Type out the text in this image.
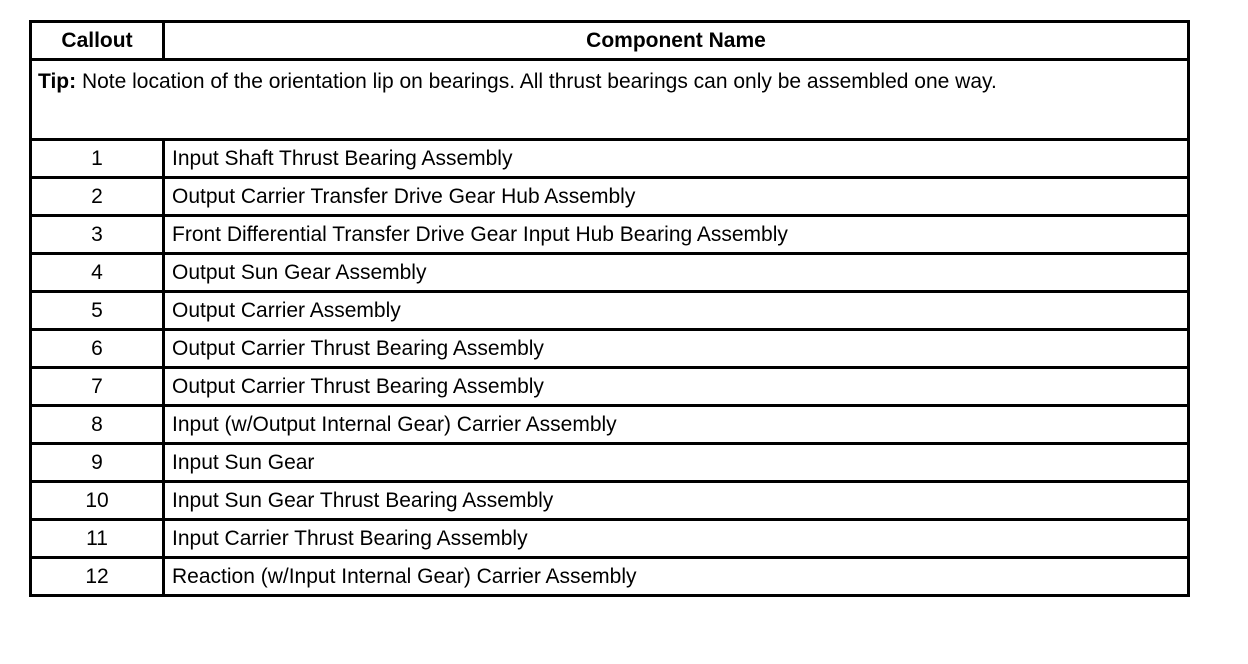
Callout	Component Name
Tip: Note location of the orientation lip on bearings. All thrust bearings can only be assembled one way.	
1	Input Shaft Thrust Bearing Assembly
2	Output Carrier Transfer Drive Gear Hub Assembly
3	Front Differential Transfer Drive Gear Input Hub Bearing Assembly
4	Output Sun Gear Assembly
5	Output Carrier Assembly
6	Output Carrier Thrust Bearing Assembly
7	Output Carrier Thrust Bearing Assembly
8	Input (w/Output Internal Gear) Carrier Assembly
9	Input Sun Gear
10	Input Sun Gear Thrust Bearing Assembly
11	Input Carrier Thrust Bearing Assembly
12	Reaction (w/Input Internal Gear) Carrier Assembly
